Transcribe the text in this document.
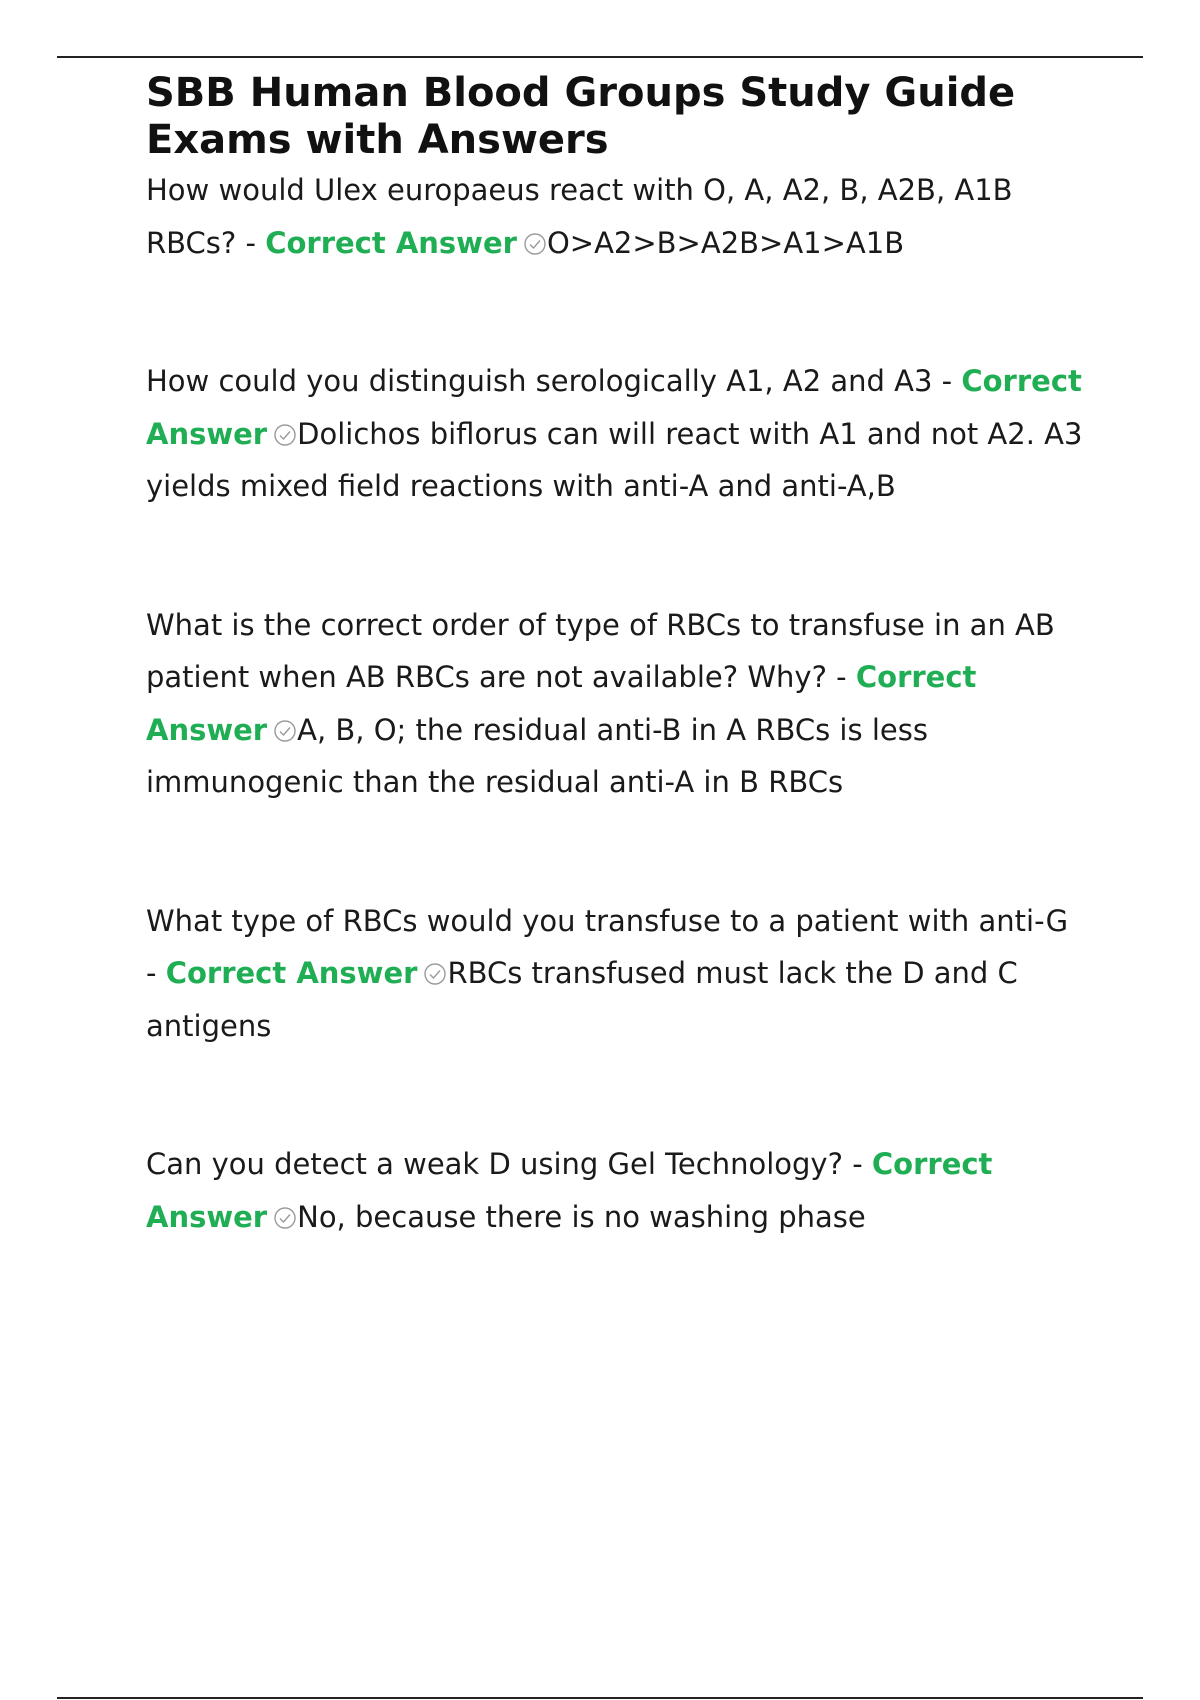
SBB Human Blood Groups Study Guide Exams with Answers

How would Ulex europaeus react with O, A, A2, B, A2B, A1B RBCs? - Correct Answer O>A2>B>A2B>A1>A1B

How could you distinguish serologically A1, A2 and A3 - Correct Answer Dolichos biflorus can will react with A1 and not A2. A3 yields mixed field reactions with anti-A and anti-A,B

What is the correct order of type of RBCs to transfuse in an AB patient when AB RBCs are not available? Why? - Correct Answer A, B, O; the residual anti-B in A RBCs is less immunogenic than the residual anti-A in B RBCs

What type of RBCs would you transfuse to a patient with anti-G - Correct Answer RBCs transfused must lack the D and C antigens

Can you detect a weak D using Gel Technology? - Correct Answer No, because there is no washing phase
